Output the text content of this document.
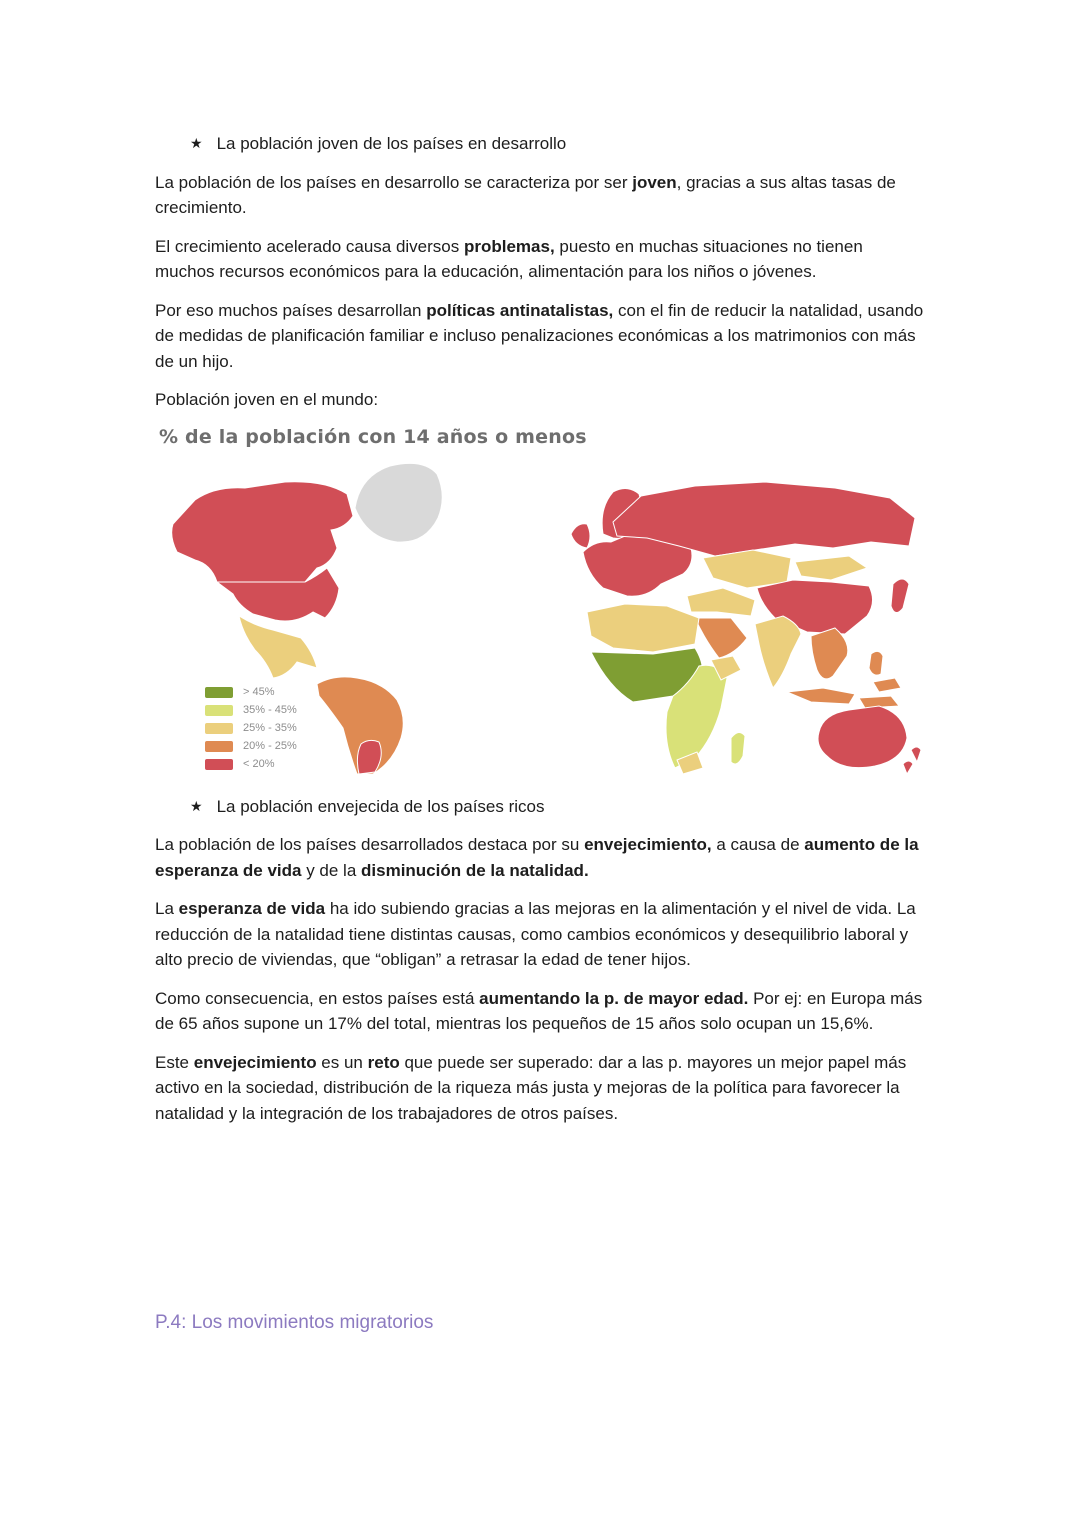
★ La población joven de los países en desarrollo

La población de los países en desarrollo se caracteriza por ser joven, gracias a sus altas tasas de crecimiento.

El crecimiento acelerado causa diversos problemas, puesto en muchas situaciones no tienen muchos recursos económicos para la educación, alimentación para los niños o jóvenes.

Por eso muchos países desarrollan políticas antinatalistas, con el fin de reducir la natalidad, usando de medidas de planificación familiar e incluso penalizaciones económicas a los matrimonios con más de un hijo.

Población joven en el mundo:

% de la población con 14 años o menos
> 45%
35% - 45%
25% - 35%
20% - 25%
< 20%
★ La población envejecida de los países ricos

La población de los países desarrollados destaca por su envejecimiento, a causa de aumento de la esperanza de vida y de la disminución de la natalidad.

La esperanza de vida ha ido subiendo gracias a las mejoras en la alimentación y el nivel de vida. La reducción de la natalidad tiene distintas causas, como cambios económicos y desequilibrio laboral y alto precio de viviendas, que “obligan” a retrasar la edad de tener hijos.

Como consecuencia, en estos países está aumentando la p. de mayor edad. Por ej: en Europa más de 65 años supone un 17% del total, mientras los pequeños de 15 años solo ocupan un 15,6%.

Este envejecimiento es un reto que puede ser superado: dar a las p. mayores un mejor papel más activo en la sociedad, distribución de la riqueza más justa y mejoras de la política para favorecer la natalidad y la integración de los trabajadores de otros países.

P.4: Los movimientos migratorios
